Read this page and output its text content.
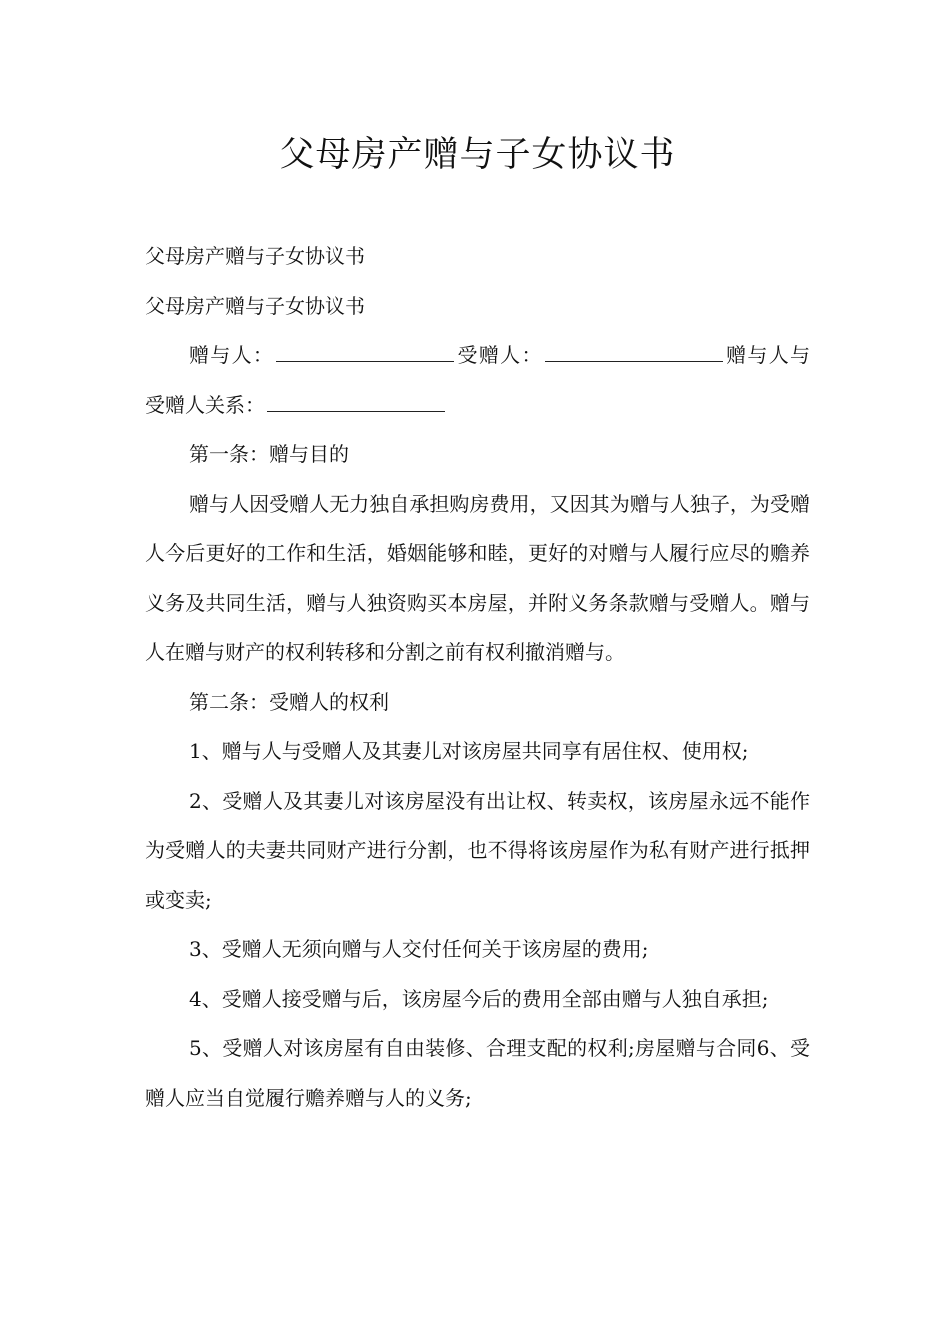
父母房产赠与子女协议书

父母房产赠与子女协议书

父母房产赠与子女协议书

赠与人：	受赠人：	赠与人与受赠人关系：

第一条：赠与目的

赠与人因受赠人无力独自承担购房费用，又因其为赠与人独子，为受赠人今后更好的工作和生活，婚姻能够和睦，更好的对赠与人履行应尽的赡养义务及共同生活，赠与人独资购买本房屋，并附义务条款赠与受赠人。赠与人在赠与财产的权利转移和分割之前有权利撤消赠与。

第二条：受赠人的权利

1、赠与人与受赠人及其妻儿对该房屋共同享有居住权、使用权;

2、受赠人及其妻儿对该房屋没有出让权、转卖权，该房屋永远不能作为受赠人的夫妻共同财产进行分割，也不得将该房屋作为私有财产进行抵押或变卖;

3、受赠人无须向赠与人交付任何关于该房屋的费用;

4、受赠人接受赠与后，该房屋今后的费用全部由赠与人独自承担;

5、受赠人对该房屋有自由装修、合理支配的权利;房屋赠与合同6、受赠人应当自觉履行赡养赠与人的义务;
